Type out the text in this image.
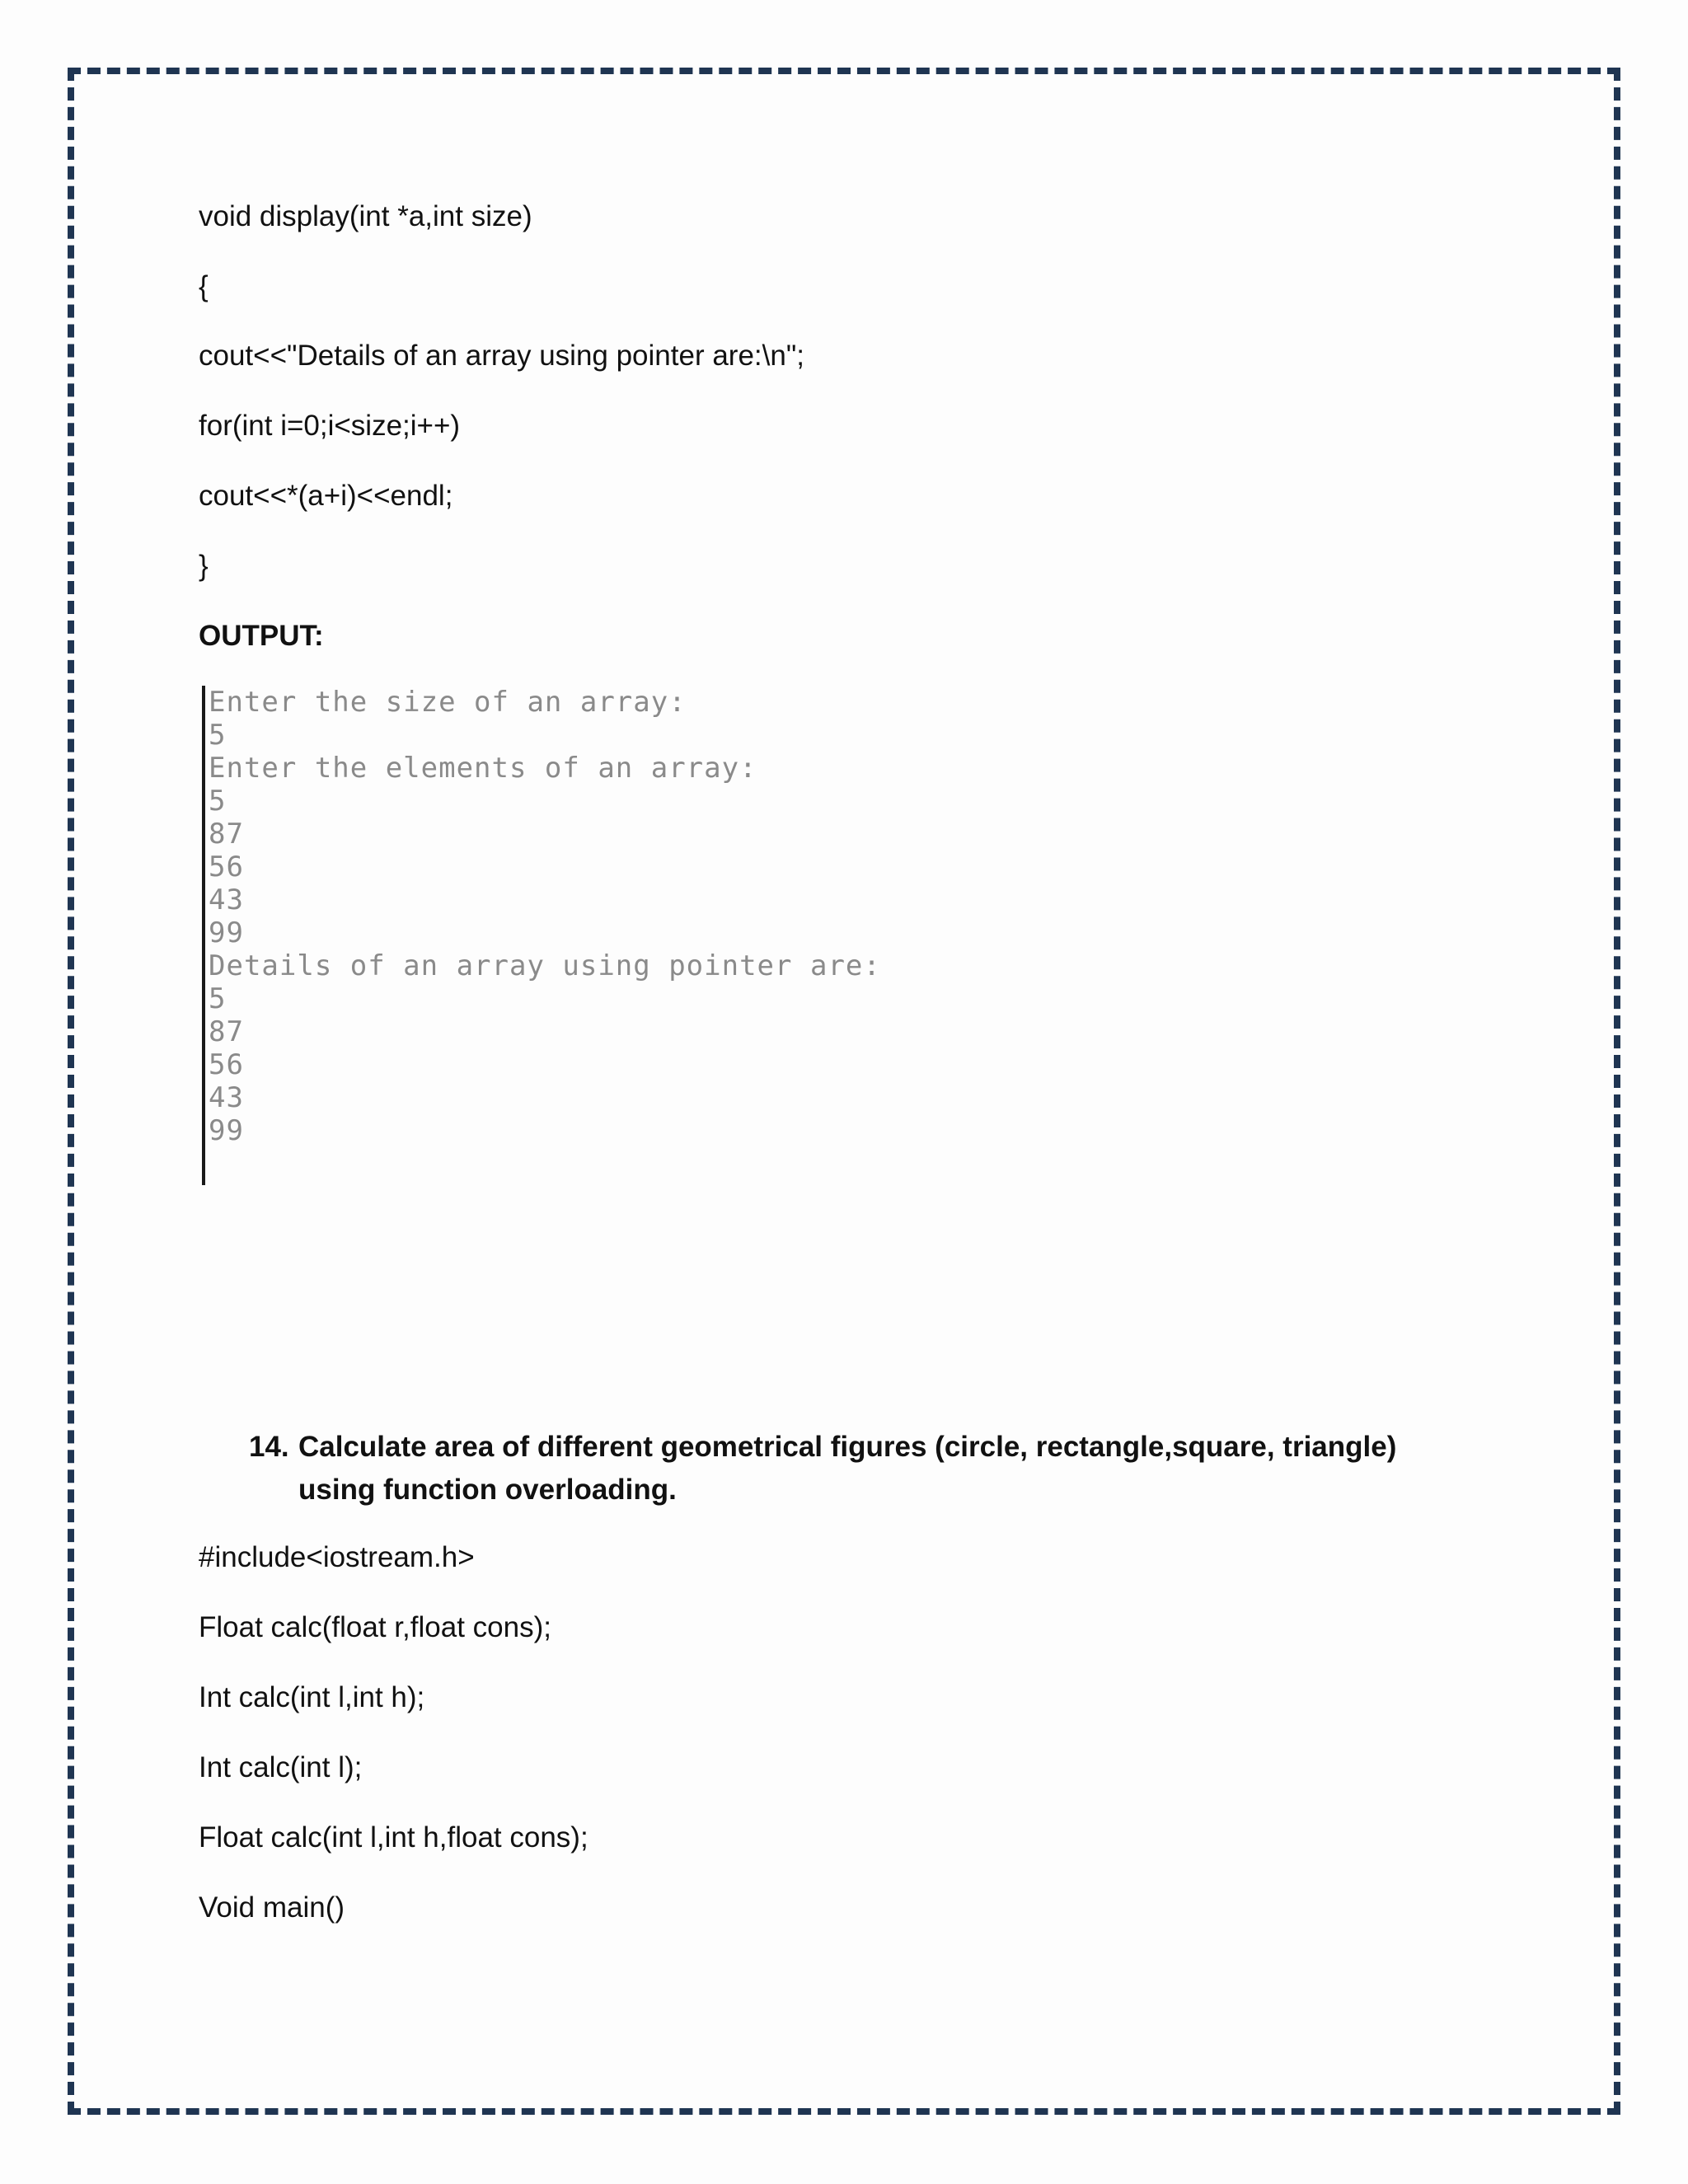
void display(int *a,int size)
{
cout<<"Details of an array using pointer are:\n";
for(int i=0;i<size;i++)
cout<<*(a+i)<<endl;
}
OUTPUT:
Enter the size of an array:
5
Enter the elements of an array:
5
87
56
43
99
Details of an array using pointer are:
5
87
56
43
99
14. Calculate area of different geometrical figures (circle, rectangle,square, triangle) using function overloading.
#include<iostream.h>
Float calc(float r,float cons);
Int calc(int l,int h);
Int calc(int l);
Float calc(int l,int h,float cons);
Void main()
